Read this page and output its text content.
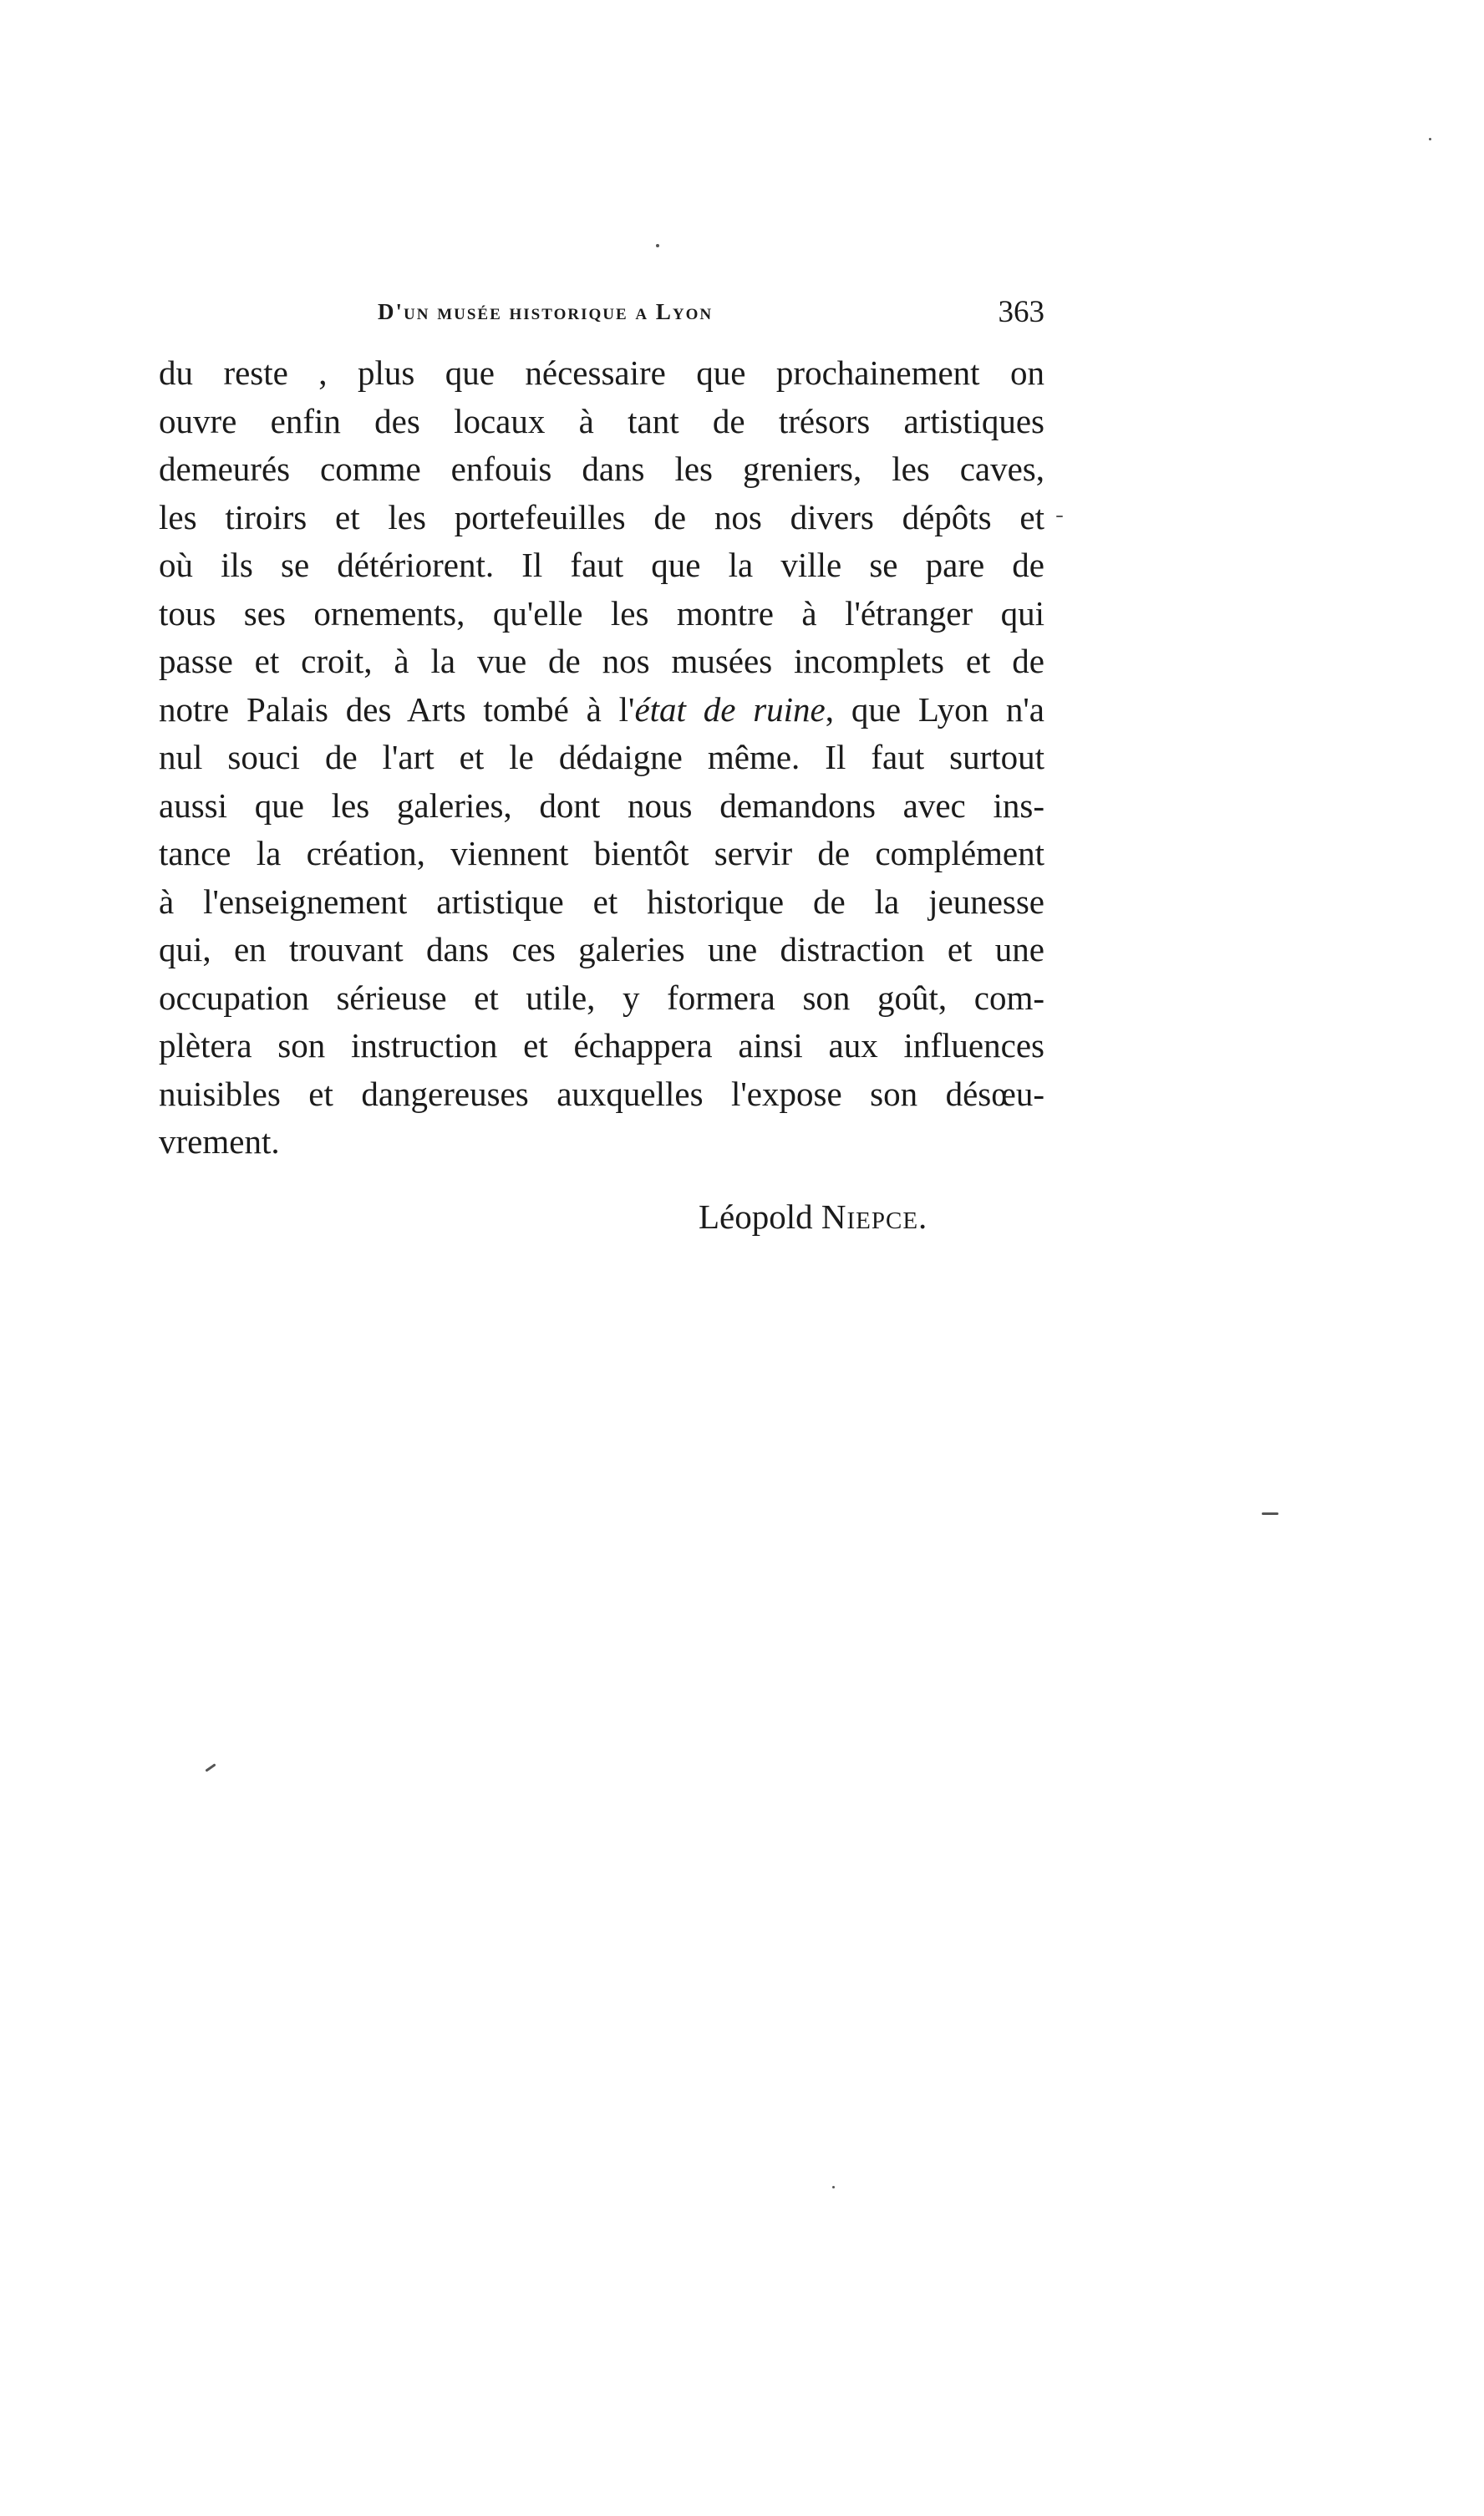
D'un musée historique a Lyon	363
du reste , plus que nécessaire que prochainement on
ouvre enfin des locaux à tant de trésors artistiques
demeurés comme enfouis dans les greniers, les caves,
les tiroirs et les portefeuilles de nos divers dépôts et
où ils se détériorent. Il faut que la ville se pare de
tous ses ornements, qu'elle les montre à l'étranger qui
passe et croit, à la vue de nos musées incomplets et de
notre Palais des Arts tombé à l'état de ruine, que Lyon n'a
nul souci de l'art et le dédaigne même. Il faut surtout
aussi que les galeries, dont nous demandons avec ins-
tance la création, viennent bientôt servir de complément
à l'enseignement artistique et historique de la jeunesse
qui, en trouvant dans ces galeries une distraction et une
occupation sérieuse et utile, y formera son goût, com-
plètera son instruction et échappera ainsi aux influences
nuisibles et dangereuses auxquelles l'expose son désœu-
vrement.
Léopold Niepce.
